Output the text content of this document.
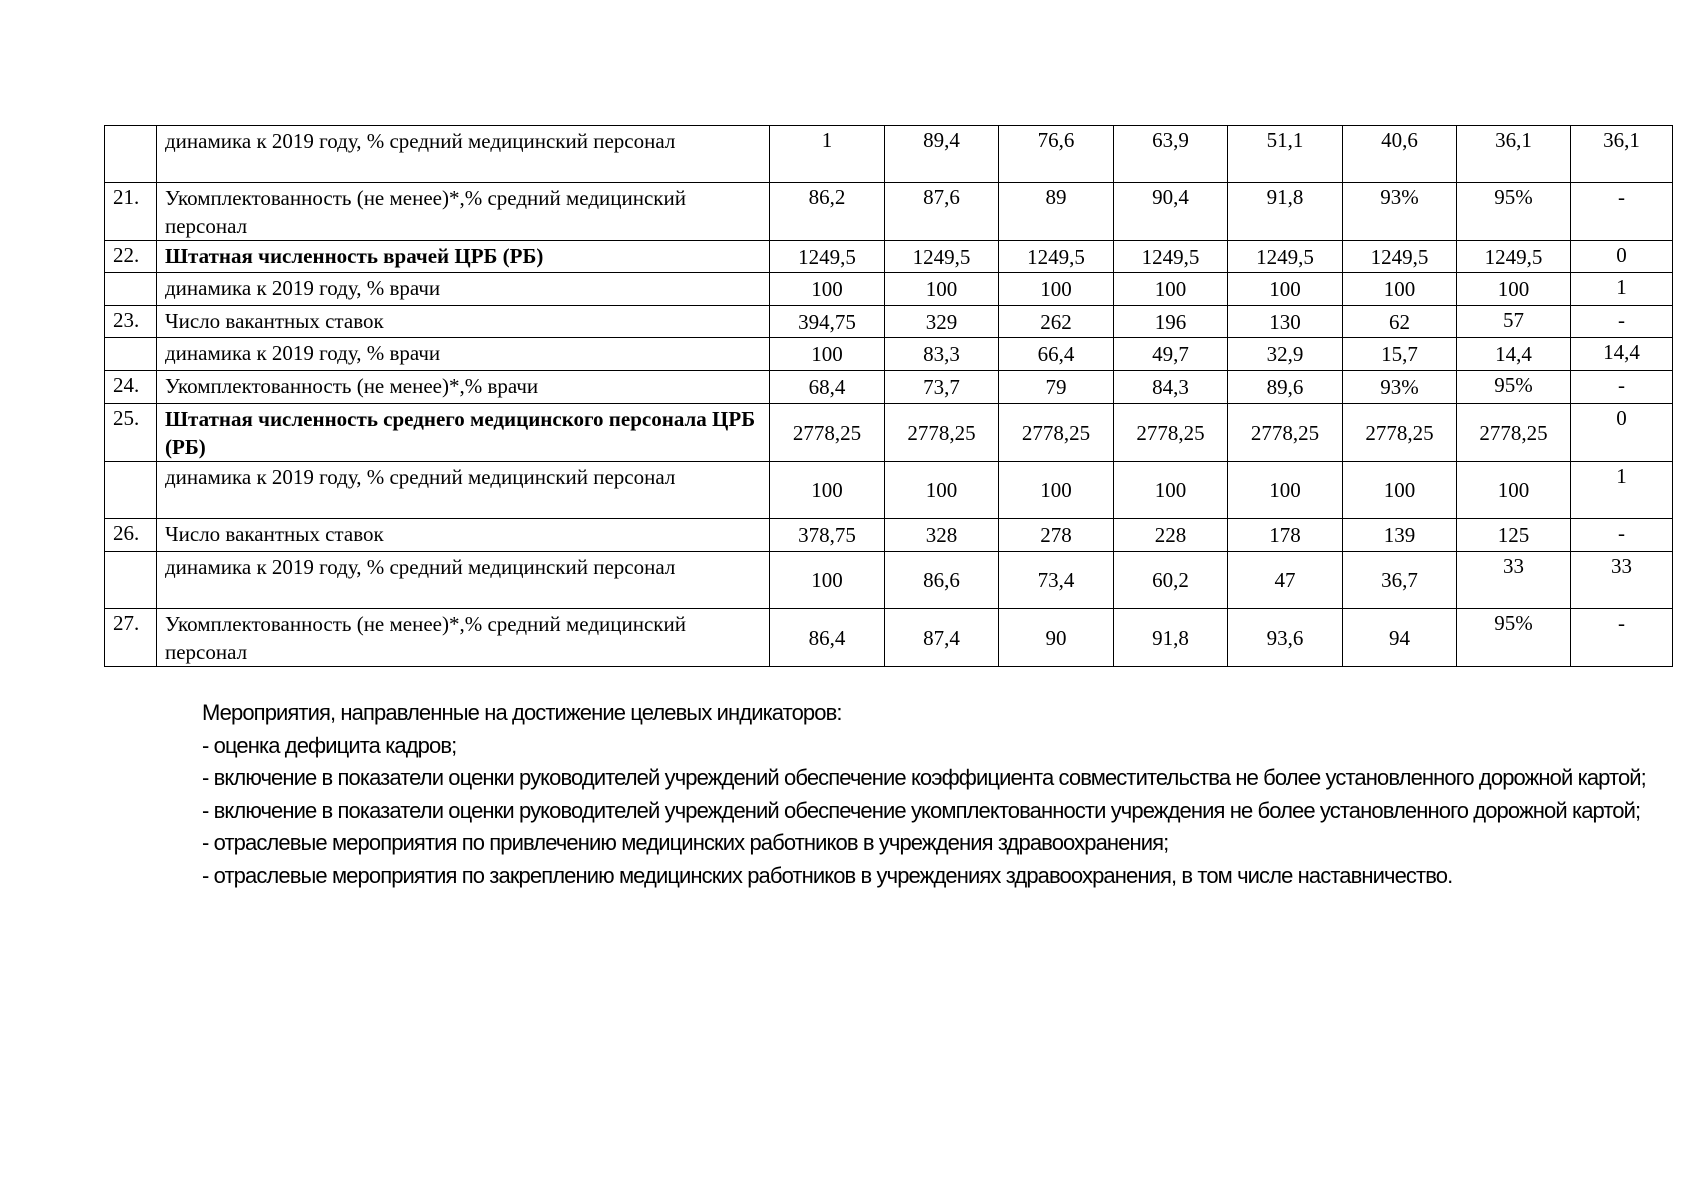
	динамика к 2019 году, % средний медицинский персонал	1	89,4	76,6	63,9	51,1	40,6	36,1	36,1
21.	Укомплектованность (не менее)*,% средний медицинский персонал	86,2	87,6	89	90,4	91,8	93%	95%	-
22.	Штатная численность врачей ЦРБ (РБ)	1249,5	1249,5	1249,5	1249,5	1249,5	1249,5	1249,5	0
	динамика к 2019 году, % врачи	100	100	100	100	100	100	100	1
23.	Число вакантных ставок	394,75	329	262	196	130	62	57	-
	динамика к 2019 году, % врачи	100	83,3	66,4	49,7	32,9	15,7	14,4	14,4
24.	Укомплектованность (не менее)*,% врачи	68,4	73,7	79	84,3	89,6	93%	95%	-
25.	Штатная численность среднего медицинского персонала ЦРБ (РБ)	2778,25	2778,25	2778,25	2778,25	2778,25	2778,25	2778,25	0
	динамика к 2019 году, % средний медицинский персонал	100	100	100	100	100	100	100	1
26.	Число вакантных ставок	378,75	328	278	228	178	139	125	-
	динамика к 2019 году, % средний медицинский персонал	100	86,6	73,4	60,2	47	36,7	33	33
27.	Укомплектованность (не менее)*,% средний медицинский персонал	86,4	87,4	90	91,8	93,6	94	95%	-

Мероприятия, направленные на достижение целевых индикаторов:

- оценка дефицита кадров;

- включение в показатели оценки руководителей учреждений обеспечение коэффициента совместительства не более установленного дорожной картой;

- включение в показатели оценки руководителей учреждений обеспечение укомплектованности учреждения не более установленного дорожной картой;

- отраслевые мероприятия по привлечению медицинских работников в учреждения здравоохранения;

- отраслевые мероприятия по закреплению медицинских работников в учреждениях здравоохранения, в том числе наставничество.
